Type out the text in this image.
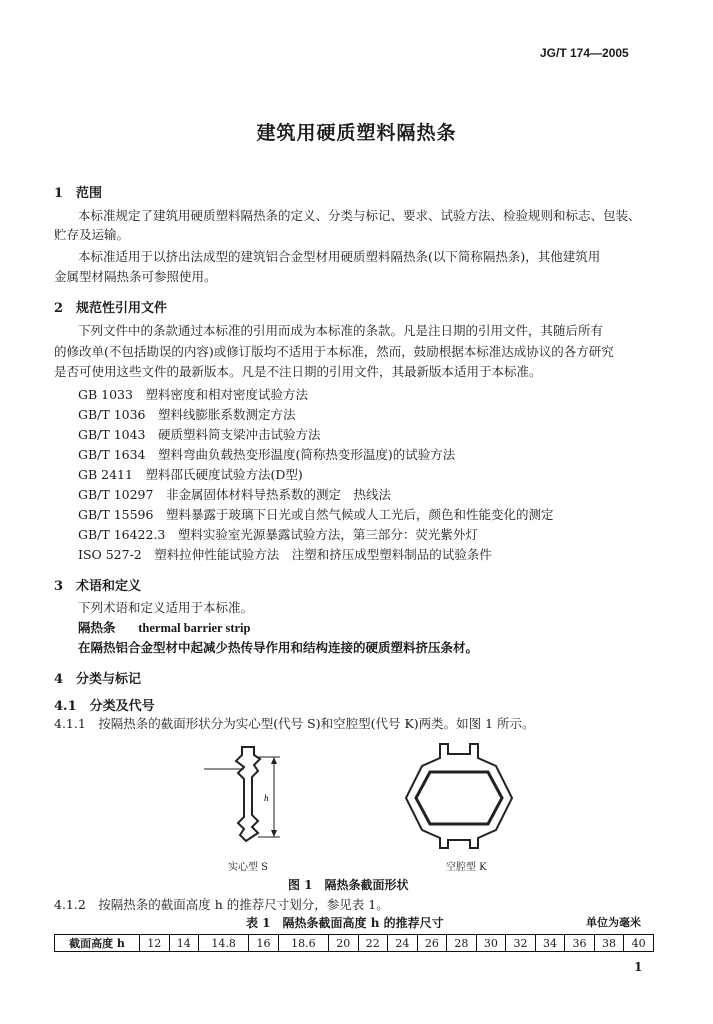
JG/T 174—2005
建筑用硬质塑料隔热条
1　范围
本标准规定了建筑用硬质塑料隔热条的定义、分类与标记、要求、试验方法、检验规则和标志、包装、
贮存及运输。
本标准适用于以挤出法成型的建筑铝合金型材用硬质塑料隔热条(以下简称隔热条)，其他建筑用
金属型材隔热条可参照使用。
2　规范性引用文件
下列文件中的条款通过本标准的引用而成为本标准的条款。凡是注日期的引用文件，其随后所有
的修改单(不包括勘误的内容)或修订版均不适用于本标准，然而，鼓励根据本标准达成协议的各方研究
是否可使用这些文件的最新版本。凡是不注日期的引用文件，其最新版本适用于本标准。
GB 1033　塑料密度和相对密度试验方法
GB/T 1036　塑料线膨胀系数测定方法
GB/T 1043　硬质塑料简支梁冲击试验方法
GB/T 1634　塑料弯曲负载热变形温度(简称热变形温度)的试验方法
GB 2411　塑料邵氏硬度试验方法(D型)
GB/T 10297　非金属固体材料导热系数的测定　热线法
GB/T 15596　塑料暴露于玻璃下日光或自然气候或人工光后，颜色和性能变化的测定
GB/T 16422.3　塑料实验室光源暴露试验方法，第三部分：荧光紫外灯
ISO 527-2　塑料拉伸性能试验方法　注塑和挤压成型塑料制品的试验条件
3　术语和定义
下列术语和定义适用于本标准。
隔热条 thermal barrier strip
在隔热铝合金型材中起减少热传导作用和结构连接的硬质塑料挤压条材。
4　分类与标记
4.1　分类及代号
4.1.1　按隔热条的截面形状分为实心型(代号 S)和空腔型(代号 K)两类。如图 1 所示。
h
实心型 S	空腔型 K
图 1　隔热条截面形状
4.1.2　按隔热条的截面高度 h 的推荐尺寸划分，参见表 1。
表 1　隔热条截面高度 h 的推荐尺寸	单位为毫米
截面高度 h	12	14	14.8	16	18.6	20	22	24	26	28	30	32	34	36	38	40
1
